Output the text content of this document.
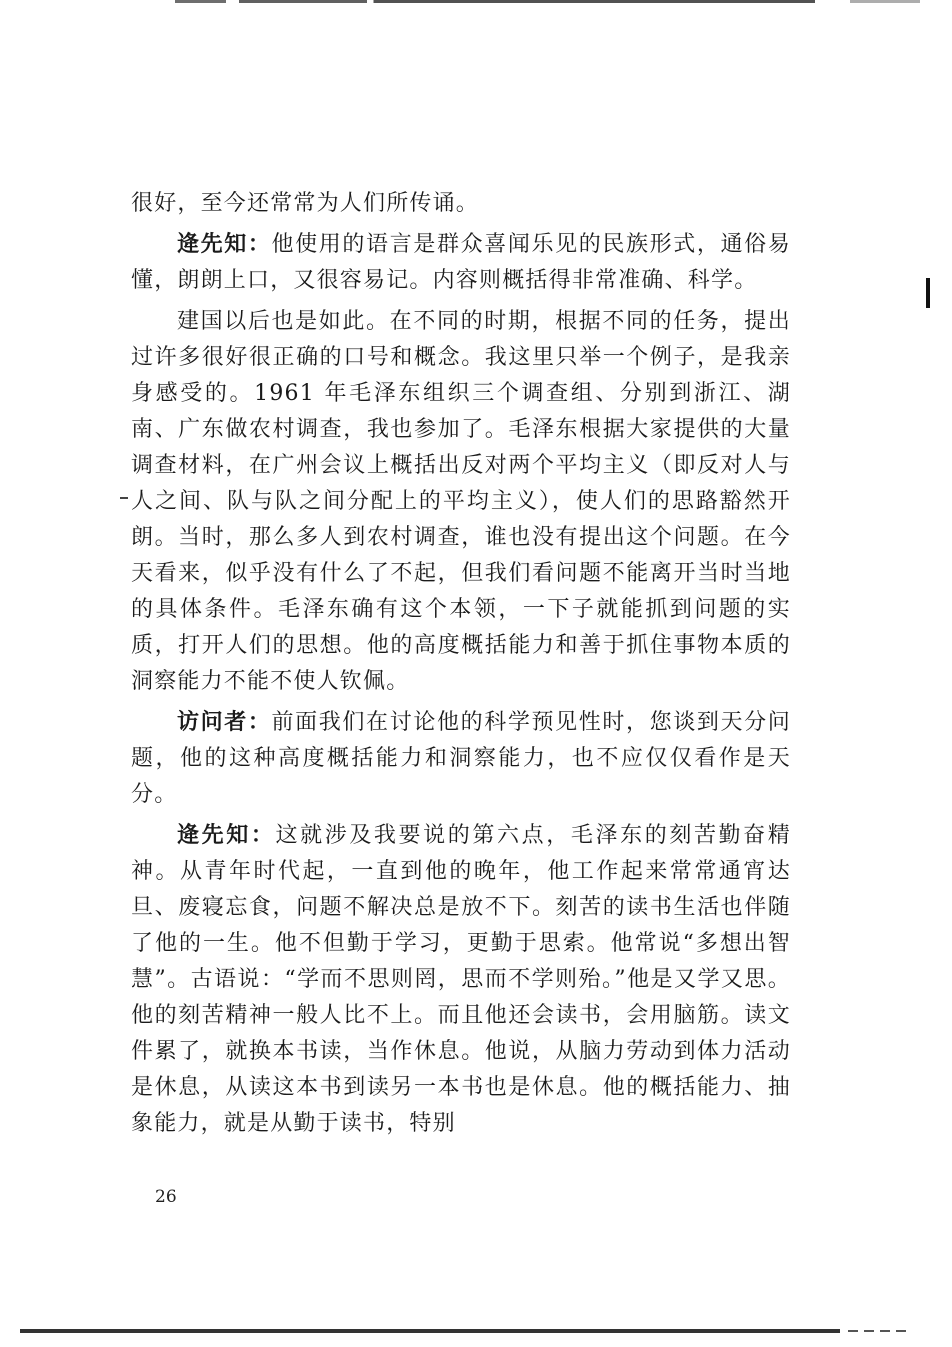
很好，至今还常常为人们所传诵。

逄先知：他使用的语言是群众喜闻乐见的民族形式，通俗易懂，朗朗上口，又很容易记。内容则概括得非常准确、科学。

建国以后也是如此。在不同的时期，根据不同的任务，提出过许多很好很正确的口号和概念。我这里只举一个例子，是我亲身感受的。1961 年毛泽东组织三个调查组、分别到浙江、湖南、广东做农村调查，我也参加了。毛泽东根据大家提供的大量调查材料，在广州会议上概括出反对两个平均主义（即反对人与人之间、队与队之间分配上的平均主义），使人们的思路豁然开朗。当时，那么多人到农村调查，谁也没有提出这个问题。在今天看来，似乎没有什么了不起，但我们看问题不能离开当时当地的具体条件。毛泽东确有这个本领，一下子就能抓到问题的实质，打开人们的思想。他的高度概括能力和善于抓住事物本质的洞察能力不能不使人钦佩。

访问者：前面我们在讨论他的科学预见性时，您谈到天分问题，他的这种高度概括能力和洞察能力，也不应仅仅看作是天分。

逄先知：这就涉及我要说的第六点，毛泽东的刻苦勤奋精神。从青年时代起，一直到他的晚年，他工作起来常常通宵达旦、废寝忘食，问题不解决总是放不下。刻苦的读书生活也伴随了他的一生。他不但勤于学习，更勤于思索。他常说“多想出智慧”。古语说：“学而不思则罔，思而不学则殆。”他是又学又思。他的刻苦精神一般人比不上。而且他还会读书，会用脑筋。读文件累了，就换本书读，当作休息。他说，从脑力劳动到体力活动是休息，从读这本书到读另一本书也是休息。他的概括能力、抽象能力，就是从勤于读书，特别

26
